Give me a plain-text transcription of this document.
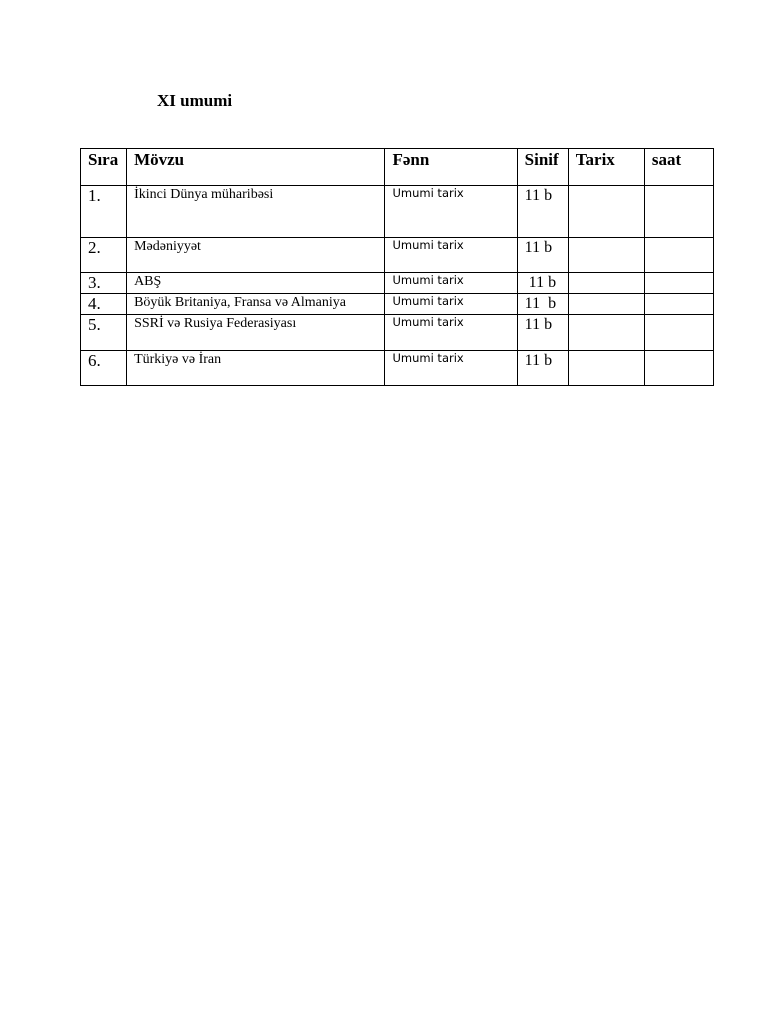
XI umumi
Sıra	Mövzu	Fənn	Sinif	Tarix	saat
1.	İkinci Dünya müharibəsi	Umumi tarix	11 b		
2.	Mədəniyyət	Umumi tarix	11 b		
3.	ABŞ	Umumi tarix	11 b		
4.	Böyük Britaniya, Fransa və Almaniya	Umumi tarix	11  b		
5.	SSRİ və Rusiya Federasiyası	Umumi tarix	11 b		
6.	Türkiyə və İran	Umumi tarix	11 b		
